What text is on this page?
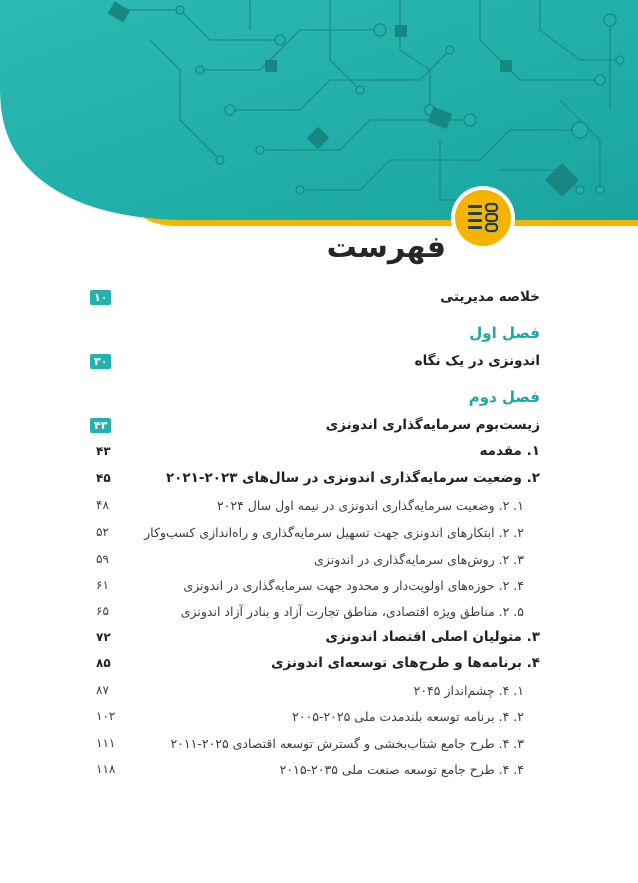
فهرست
خلاصه مدیریتی
۱۰
فصل اول
اندونزی در یک نگاه
۳۰
فصل دوم
زیست‌بوم سرمایه‌گذاری اندونزی
۴۳
۱. مقدمه
۴۳
۲. وضعیت سرمایه‌گذاری اندونزی در سال‌های ۲۰۲۳-۲۰۲۱
۴۵
۱. ۲. وضعیت سرمایه‌گذاری اندونزی در نیمه اول سال ۲۰۲۴
۴۸
۲. ۲. ابتکارهای اندونزی جهت تسهیل سرمایه‌گذاری و راه‌اندازی کسب‌وکار
۵۲
۳. ۲. روش‌های سرمایه‌گذاری در اندونزی
۵۹
۴. ۲. حوزه‌های اولویت‌دار و محدود جهت سرمایه‌گذاری در اندونزی
۶۱
۵. ۲. مناطق ویژه اقتصادی، مناطق تجارت آزاد و بنادر آزاد اندونزی
۶۵
۳. متولیان اصلی اقتصاد اندونزی
۷۲
۴. برنامه‌ها و طرح‌های توسعه‌ای اندونزی
۸۵
۱. ۴. چشم‌انداز ۲۰۴۵
۸۷
۲. ۴. برنامه توسعه بلندمدت ملی ۲۰۲۵-۲۰۰۵
۱۰۲
۳. ۴. طرح جامع شتاب‌بخشی و گسترش توسعه اقتصادی ۲۰۲۵-۲۰۱۱
۱۱۱
۴. ۴. طرح جامع توسعه صنعت ملی ۲۰۳۵-۲۰۱۵
۱۱۸
